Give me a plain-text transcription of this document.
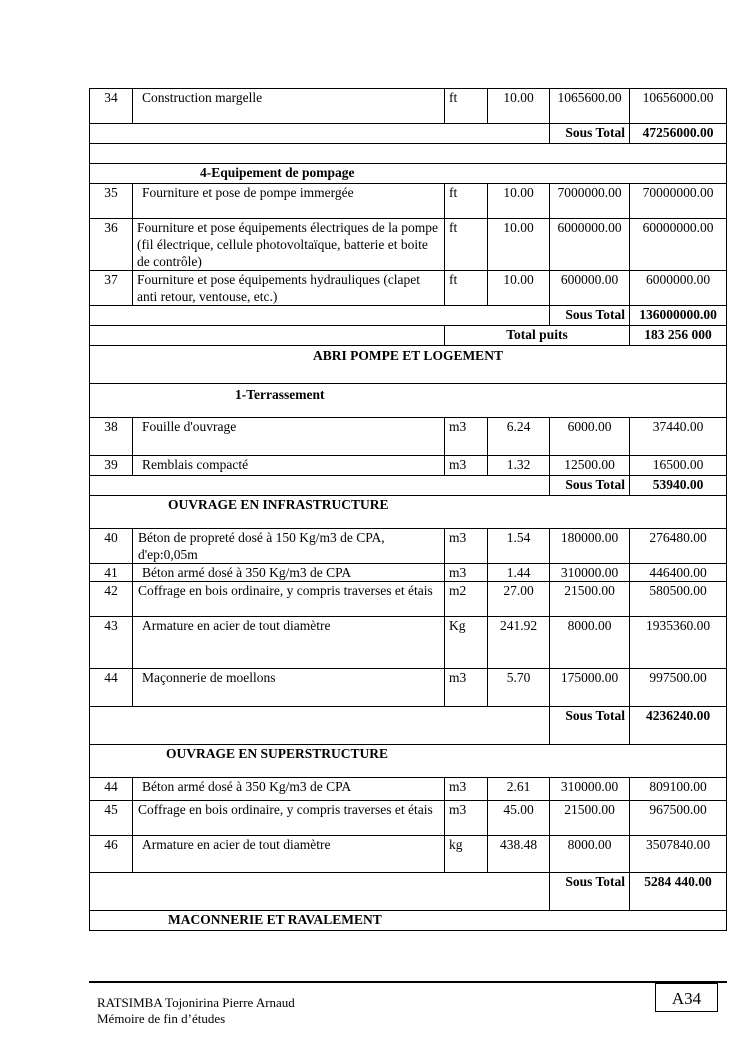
34	Construction margelle	ft	10.00	1065600.00	10656000.00
				Sous Total	47256000.00

4-Equipement de pompage					
35	Fourniture et pose de pompe immergée	ft	10.00	7000000.00	70000000.00
36	Fourniture et pose équipements électriques de la pompe (fil électrique, cellule photovoltaïque, batterie et boite de contrôle)	ft	10.00	6000000.00	60000000.00
37	Fourniture et pose équipements hydrauliques (clapet anti retour, ventouse, etc.)	ft	10.00	600000.00	6000000.00
				Sous Total	136000000.00
		Total puits			183 256 000
ABRI POMPE ET LOGEMENT					
1-Terrassement					
38	Fouille d'ouvrage	m3	6.24	6000.00	37440.00
39	Remblais compacté	m3	1.32	12500.00	16500.00
				Sous Total	53940.00
OUVRAGE EN INFRASTRUCTURE					
40	Béton de propreté dosé à 150 Kg/m3 de CPA, d'ep:0,05m	m3	1.54	180000.00	276480.00
41	Béton armé dosé à 350 Kg/m3 de CPA	m3	1.44	310000.00	446400.00
42	Coffrage en bois ordinaire, y compris traverses et étais	m2	27.00	21500.00	580500.00
43	Armature en acier de tout diamètre	Kg	241.92	8000.00	1935360.00
44	Maçonnerie de moellons	m3	5.70	175000.00	997500.00
				Sous Total	4236240.00
OUVRAGE EN SUPERSTRUCTURE					
44	Béton armé dosé à 350 Kg/m3 de CPA	m3	2.61	310000.00	809100.00
45	Coffrage en bois ordinaire, y compris traverses et étais	m3	45.00	21500.00	967500.00
46	Armature en acier de tout diamètre	kg	438.48	8000.00	3507840.00
				Sous Total	5284 440.00
MACONNERIE ET RAVALEMENT					
RATSIMBA Tojonirina Pierre Arnaud
Mémoire de fin d’études
A34
